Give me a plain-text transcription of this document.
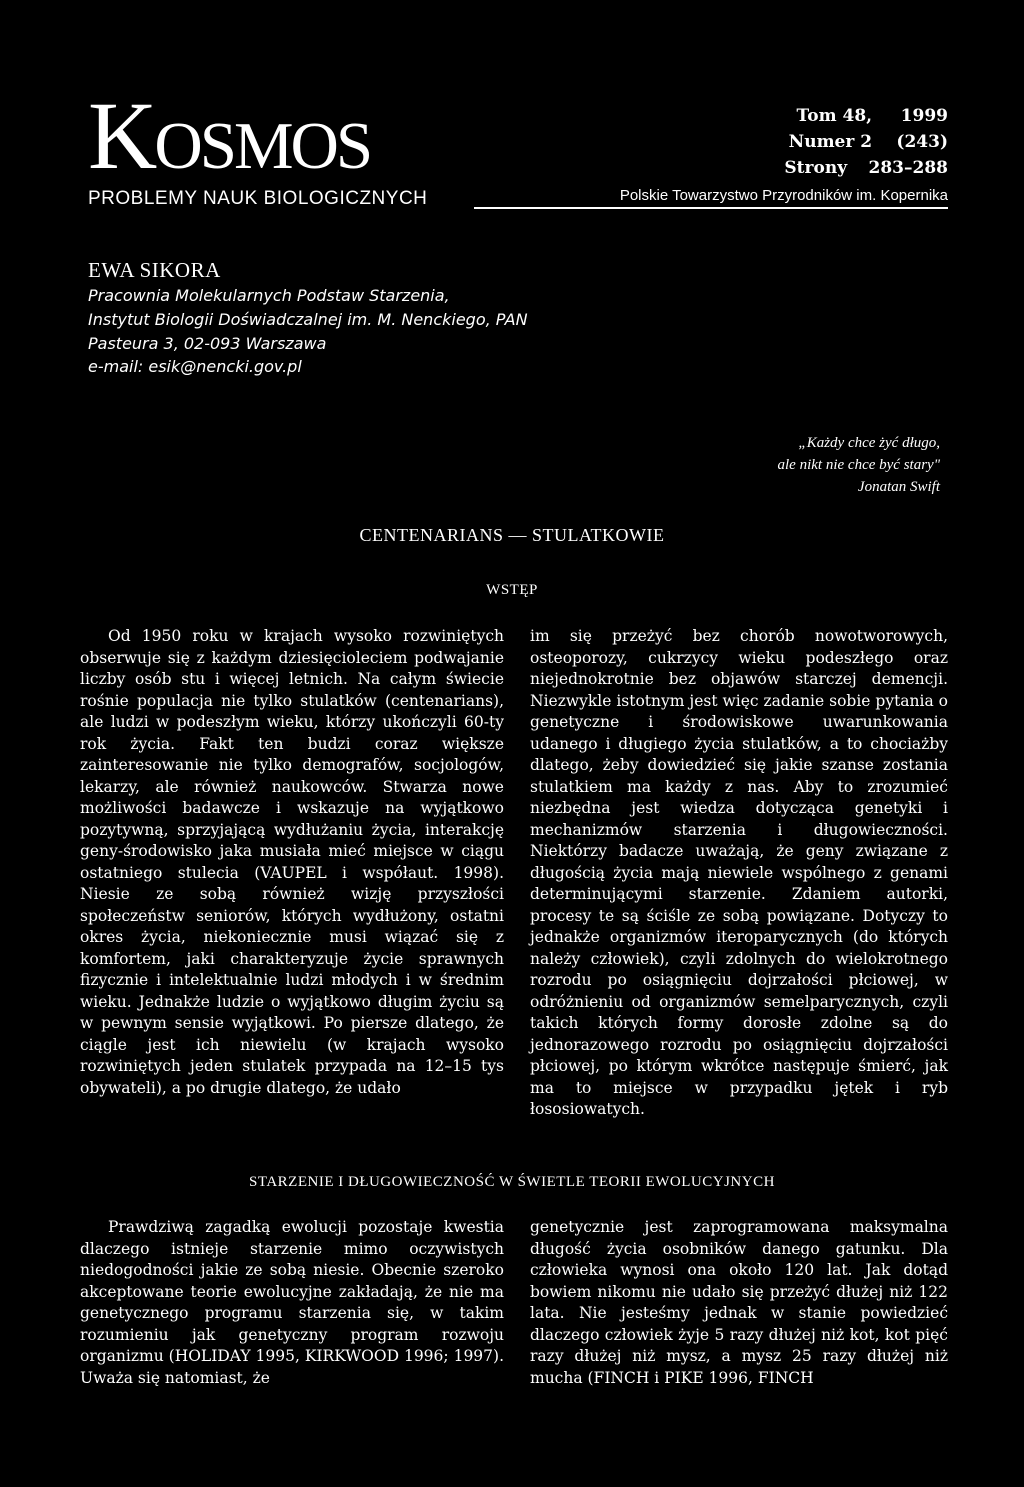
Kosmos
PROBLEMY NAUK BIOLOGICZNYCH
Tom 48, 1999
Numer 2 (243)
Strony 283–288
Polskie Towarzystwo Przyrodników im. Kopernika
EWA SIKORA
Pracownia Molekularnych Podstaw Starzenia,
Instytut Biologii Doświadczalnej im. M. Nenckiego, PAN
Pasteura 3, 02-093 Warszawa
e-mail: esik@nencki.gov.pl
„Każdy chce żyć długo,
ale nikt nie chce być stary"
Jonatan Swift
CENTENARIANS — STULATKOWIE
WSTĘP

Od 1950 roku w krajach wysoko rozwiniętych obserwuje się z każdym dziesięcioleciem podwajanie liczby osób stu i więcej letnich. Na całym świecie rośnie populacja nie tylko stulatków (centenarians), ale ludzi w podeszłym wieku, którzy ukończyli 60-ty rok życia. Fakt ten budzi coraz większe zainteresowanie nie tylko demografów, socjologów, lekarzy, ale również naukowców. Stwarza nowe możliwości badawcze i wskazuje na wyjątkowo pozytywną, sprzyjającą wydłużaniu życia, interakcję geny-środowisko jaka musiała mieć miejsce w ciągu ostatniego stulecia (VAUPEL i współaut. 1998). Niesie ze sobą również wizję przyszłości społeczeństw seniorów, których wydłużony, ostatni okres życia, niekoniecznie musi wiązać się z komfortem, jaki charakteryzuje życie sprawnych fizycznie i intelektualnie ludzi młodych i w średnim wieku. Jednakże ludzie o wyjątkowo długim życiu są w pewnym sensie wyjątkowi. Po piersze dlatego, że ciągle jest ich niewielu (w krajach wysoko rozwiniętych jeden stulatek przypada na 12–15 tys obywateli), a po drugie dlatego, że udało

im się przeżyć bez chorób nowotworowych, osteoporozy, cukrzycy wieku podeszłego oraz niejednokrotnie bez objawów starczej demencji. Niezwykle istotnym jest więc zadanie sobie pytania o genetyczne i środowiskowe uwarunkowania udanego i długiego życia stulatków, a to chociażby dlatego, żeby dowiedzieć się jakie szanse zostania stulatkiem ma każdy z nas. Aby to zrozumieć niezbędna jest wiedza dotycząca genetyki i mechanizmów starzenia i długowieczności. Niektórzy badacze uważają, że geny związane z długością życia mają niewiele wspólnego z genami determinującymi starzenie. Zdaniem autorki, procesy te są ściśle ze sobą powiązane. Dotyczy to jednakże organizmów iteroparycznych (do których należy człowiek), czyli zdolnych do wielokrotnego rozrodu po osiągnięciu dojrzałości płciowej, w odróżnieniu od organizmów semelparycznych, czyli takich których formy dorosłe zdolne są do jednorazowego rozrodu po osiągnięciu dojrzałości płciowej, po którym wkrótce następuje śmierć, jak ma to miejsce w przypadku jętek i ryb łososiowatych.

STARZENIE I DŁUGOWIECZNOŚĆ W ŚWIETLE TEORII EWOLUCYJNYCH

Prawdziwą zagadką ewolucji pozostaje kwestia dlaczego istnieje starzenie mimo oczywistych niedogodności jakie ze sobą niesie. Obecnie szeroko akceptowane teorie ewolucyjne zakładają, że nie ma genetycznego programu starzenia się, w takim rozumieniu jak genetyczny program rozwoju organizmu (HOLIDAY 1995, KIRKWOOD 1996; 1997). Uważa się natomiast, że

genetycznie jest zaprogramowana maksymalna długość życia osobników danego gatunku. Dla człowieka wynosi ona około 120 lat. Jak dotąd bowiem nikomu nie udało się przeżyć dłużej niż 122 lata. Nie jesteśmy jednak w stanie powiedzieć dlaczego człowiek żyje 5 razy dłużej niż kot, kot pięć razy dłużej niż mysz, a mysz 25 razy dłużej niż mucha (FINCH i PIKE 1996, FINCH
